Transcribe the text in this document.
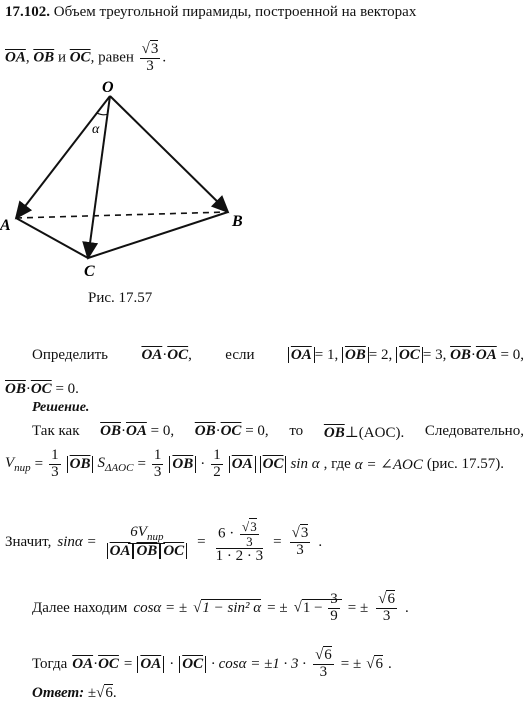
17.102. Объем треугольной пирамиды, построенной на векторах
$\overline{OA}$, $\overline{OB}$ и $\overline{OC}$, равен $\frac{√3}{3}$ .
O
A	B
C
α
Рис. 17.57
Определить $\overline{OA}\cdot\overline{OC}$, если $\overline{OA} = 1$, $\overline{OB} = 2$, $\overline{OC} = 3$, $\overline{OB}\cdot\overline{OA} = 0$,
$\overline{OB}\cdot\overline{OC} = 0$.
Решение.
Так как $\overline{OB}\cdot\overline{OA} = 0$, $\overline{OB}\cdot\overline{OC} = 0$, то $\overline{OB}\perp(AOC)$. Следовательно,
$V_{пир} = \frac{1}{3} \overline{OB}$ $S_{\Delta AOC} = \frac{1}{3} \overline{OB} \cdot \frac{1}{2} \overline{OA}$ $\overline{OC}$ sin α , где α = ∠AOC (рис. 17.57).
Значит, $\sin\alpha = \frac{6V_{пир}}{\overline{OA} \overline{OB} \overline{OC}} = \frac{6 \cdot \frac{√3}{3}}{1 \cdot 2 \cdot 3} = \frac{√3}{3}$ .
Далее находим cosα = ± √1 − sin² α = ± $√1 - \frac{3}{9}$ = ± $\frac{√6}{3}$ .
Тогда $\overline{OA}\cdot\overline{OC} = \overline{OA} \cdot \overline{OC} \cdot \cos\alpha = \pm 1 \cdot 3 \cdot \frac{√6}{3}$ = ± √6 .
Ответ: ±√6.
